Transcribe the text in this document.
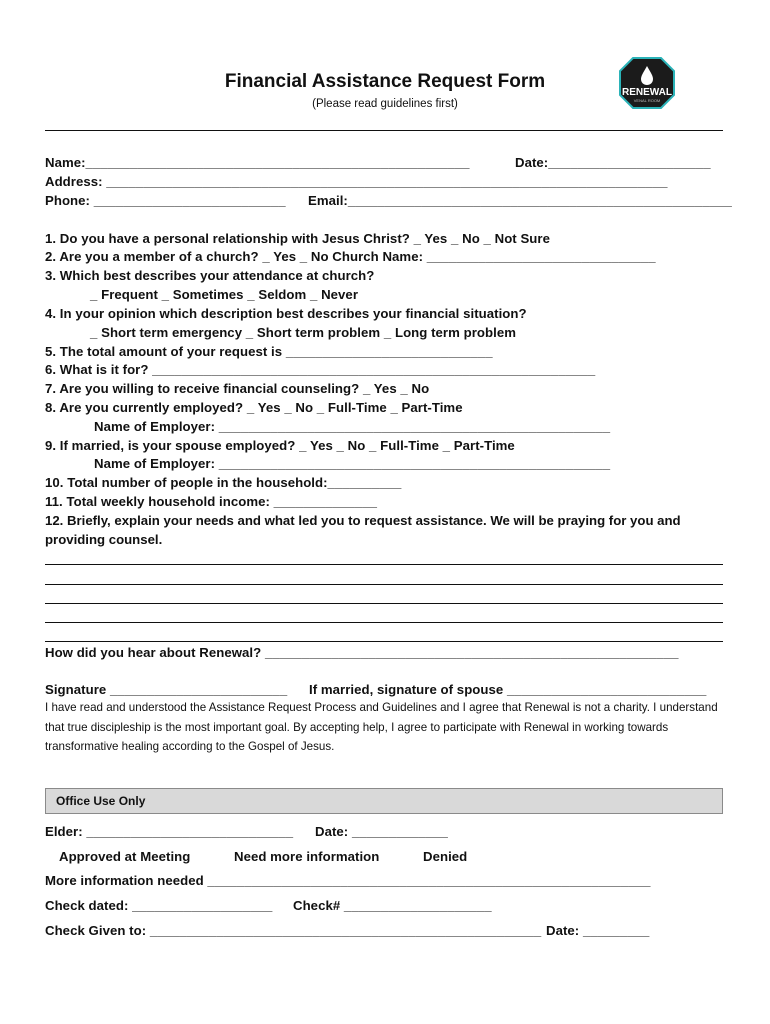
Financial Assistance Request Form
(Please read guidelines first)
RENEWAL
VENAL ROOM
Name:____________________________________________________	Date:______________________
Address: ____________________________________________________________________________
Phone: __________________________ Email:____________________________________________________
1. Do you have a personal relationship with Jesus Christ? _ Yes _ No _ Not Sure
2. Are you a member of a church? _ Yes _ No Church Name: _______________________________
3. Which best describes your attendance at church?
_ Frequent _ Sometimes _ Seldom _ Never
4. In your opinion which description best describes your financial situation?
_ Short term emergency _ Short term problem _ Long term problem
5. The total amount of your request is ____________________________
6. What is it for? ____________________________________________________________
7. Are you willing to receive financial counseling? _ Yes _ No
8. Are you currently employed? _ Yes _ No _ Full-Time _ Part-Time
Name of Employer: _____________________________________________________
9. If married, is your spouse employed? _ Yes _ No _ Full-Time _ Part-Time
Name of Employer: _____________________________________________________
10. Total number of people in the household:__________
11. Total weekly household income: ______________
12. Briefly, explain your needs and what led you to request assistance. We will be praying for you and providing counsel.
How did you hear about Renewal? ________________________________________________________
Signature ________________________ If married, signature of spouse ___________________________
I have read and understood the Assistance Request Process and Guidelines and I agree that Renewal is not a charity. I understand that true discipleship is the most important goal. By accepting help, I agree to participate with Renewal in working towards transformative healing according to the Gospel of Jesus.
Office Use Only
Elder: ____________________________ Date: _____________
Approved at Meeting	Need more information	Denied
More information needed ____________________________________________________________
Check dated: ___________________ Check# ____________________
Check Given to: _____________________________________________________ Date: _________
